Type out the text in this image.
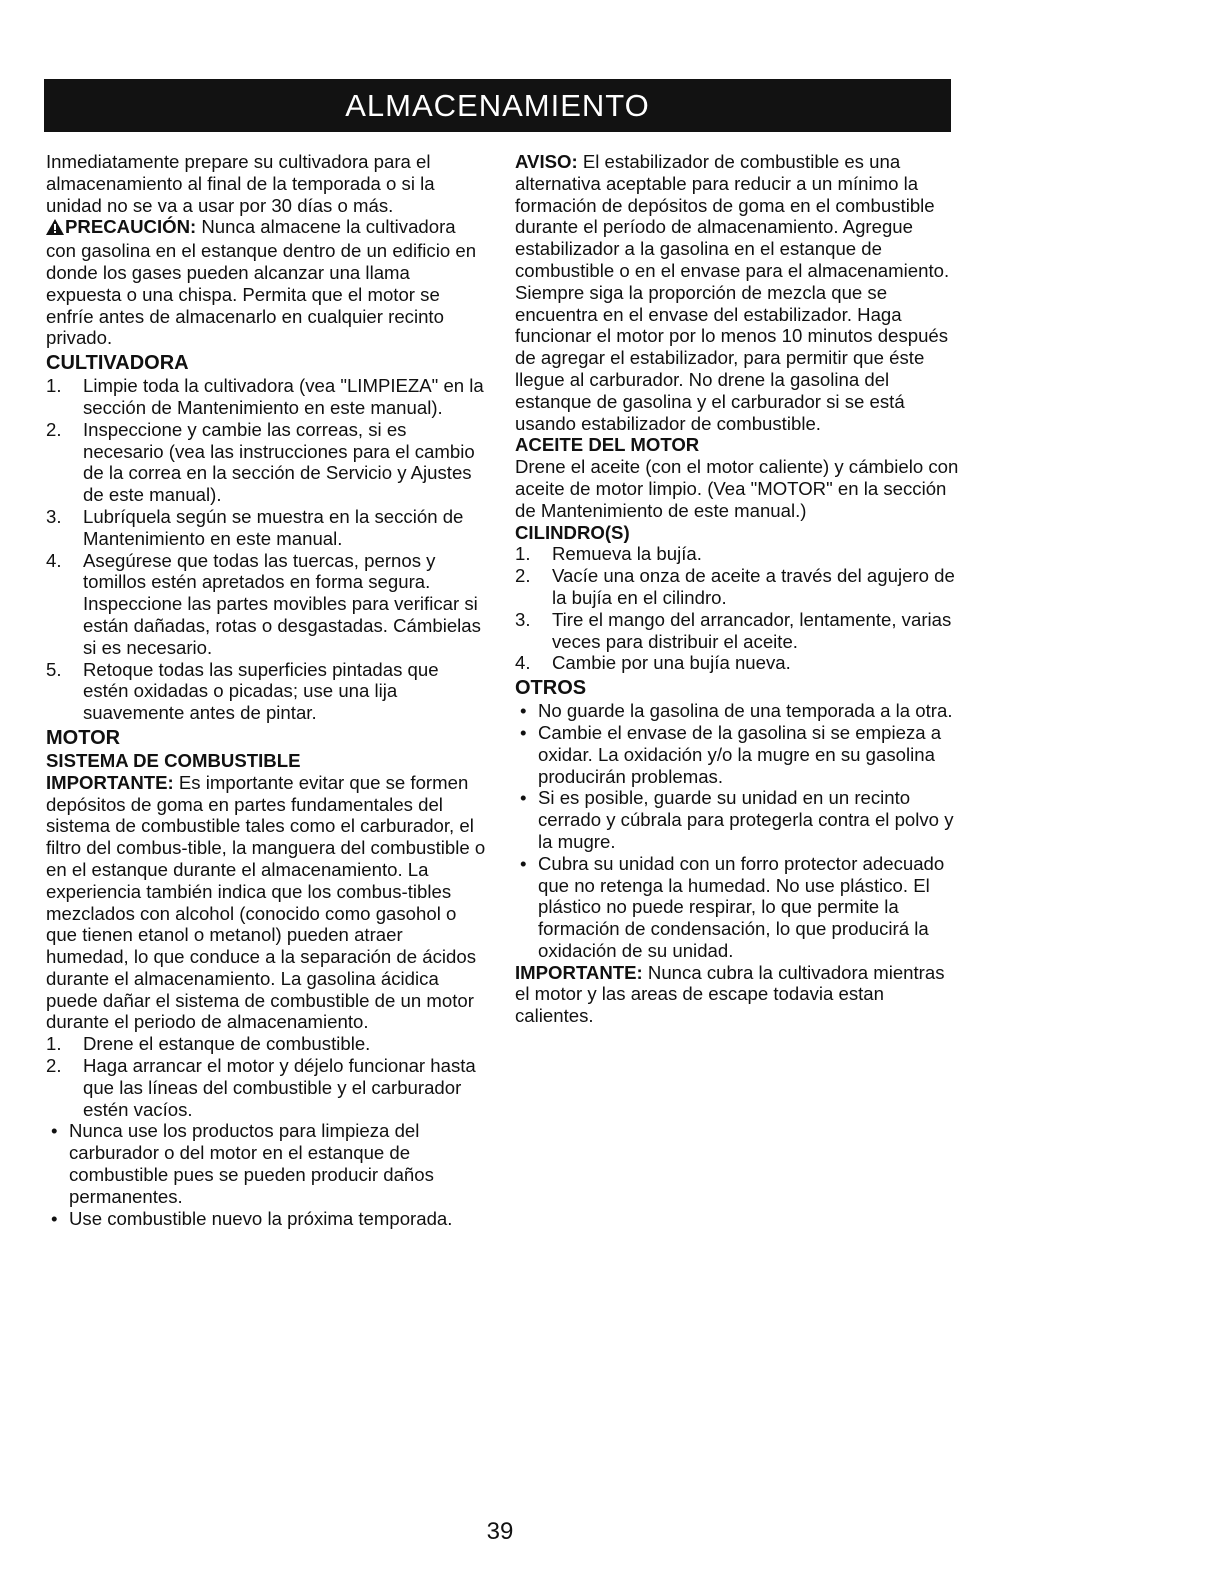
ALMACENAMIENTO

Inmediatamente prepare su cultivadora para el almacenamiento al final de la temporada o si la unidad no se va a usar por 30 días o más.

PRECAUCIÓN: Nunca almacene la cultivadora con gasolina en el estanque dentro de un edificio en donde los gases pueden alcanzar una llama expuesta o una chispa. Permita que el motor se enfríe antes de almacenarlo en cualquier recinto privado.

CULTIVADORA
1. Limpie toda la cultivadora (vea "LIMPIEZA" en la sección de Mantenimiento en este manual).
2. Inspeccione y cambie las correas, si es necesario (vea las instrucciones para el cambio de la correa en la sección de Servicio y Ajustes de este manual).
3. Lubríquela según se muestra en la sección de Mantenimiento en este manual.
4. Asegúrese que todas las tuercas, pernos y tomillos estén apretados en forma segura. Inspeccione las partes movibles para verificar si están dañadas, rotas o desgastadas. Cámbielas si es necesario.
5. Retoque todas las superficies pintadas que estén oxidadas o picadas; use una lija suavemente antes de pintar.
MOTOR
SISTEMA DE COMBUSTIBLE

IMPORTANTE: Es importante evitar que se formen depósitos de goma en partes fundamentales del sistema de combustible tales como el carburador, el filtro del combus-tible, la manguera del combustible o en el estanque durante el almacenamiento. La experiencia también indica que los combus-tibles mezclados con alcohol (conocido como gasohol o que tienen etanol o metanol) pueden atraer humedad, lo que conduce a la separación de ácidos durante el almacenamiento. La gasolina ácidica puede dañar el sistema de combustible de un motor durante el periodo de almacenamiento.

1. Drene el estanque de combustible.
2. Haga arrancar el motor y déjelo funcionar hasta que las líneas del combustible y el carburador estén vacíos.
• Nunca use los productos para limpieza del carburador o del motor en el estanque de combustible pues se pueden producir daños permanentes.
• Use combustible nuevo la próxima temporada.

AVISO: El estabilizador de combustible es una alternativa aceptable para reducir a un mínimo la formación de depósitos de goma en el combustible durante el período de almacenamiento. Agregue estabilizador a la gasolina en el estanque de combustible o en el envase para el almacenamiento. Siempre siga la proporción de mezcla que se encuentra en el envase del estabilizador. Haga funcionar el motor por lo menos 10 minutos después de agregar el estabilizador, para permitir que éste llegue al carburador. No drene la gasolina del estanque de gasolina y el carburador si se está usando estabilizador de combustible.

ACEITE DEL MOTOR

Drene el aceite (con el motor caliente) y cámbielo con aceite de motor limpio. (Vea "MOTOR" en la sección de Mantenimiento de este manual.)

CILINDRO(S)
1. Remueva la bujía.
2. Vacíe una onza de aceite a través del agujero de la bujía en el cilindro.
3. Tire el mango del arrancador, lentamente, varias veces para distribuir el aceite.
4. Cambie por una bujía nueva.
OTROS
• No guarde la gasolina de una temporada a la otra.
• Cambie el envase de la gasolina si se empieza a oxidar. La oxidación y/o la mugre en su gasolina producirán problemas.
• Si es posible, guarde su unidad en un recinto cerrado y cúbrala para protegerla contra el polvo y la mugre.
• Cubra su unidad con un forro protector adecuado que no retenga la humedad. No use plástico. El plástico no puede respirar, lo que permite la formación de condensación, lo que producirá la oxidación de su unidad.

IMPORTANTE: Nunca cubra la cultivadora mientras el motor y las areas de escape todavia estan calientes.

39
